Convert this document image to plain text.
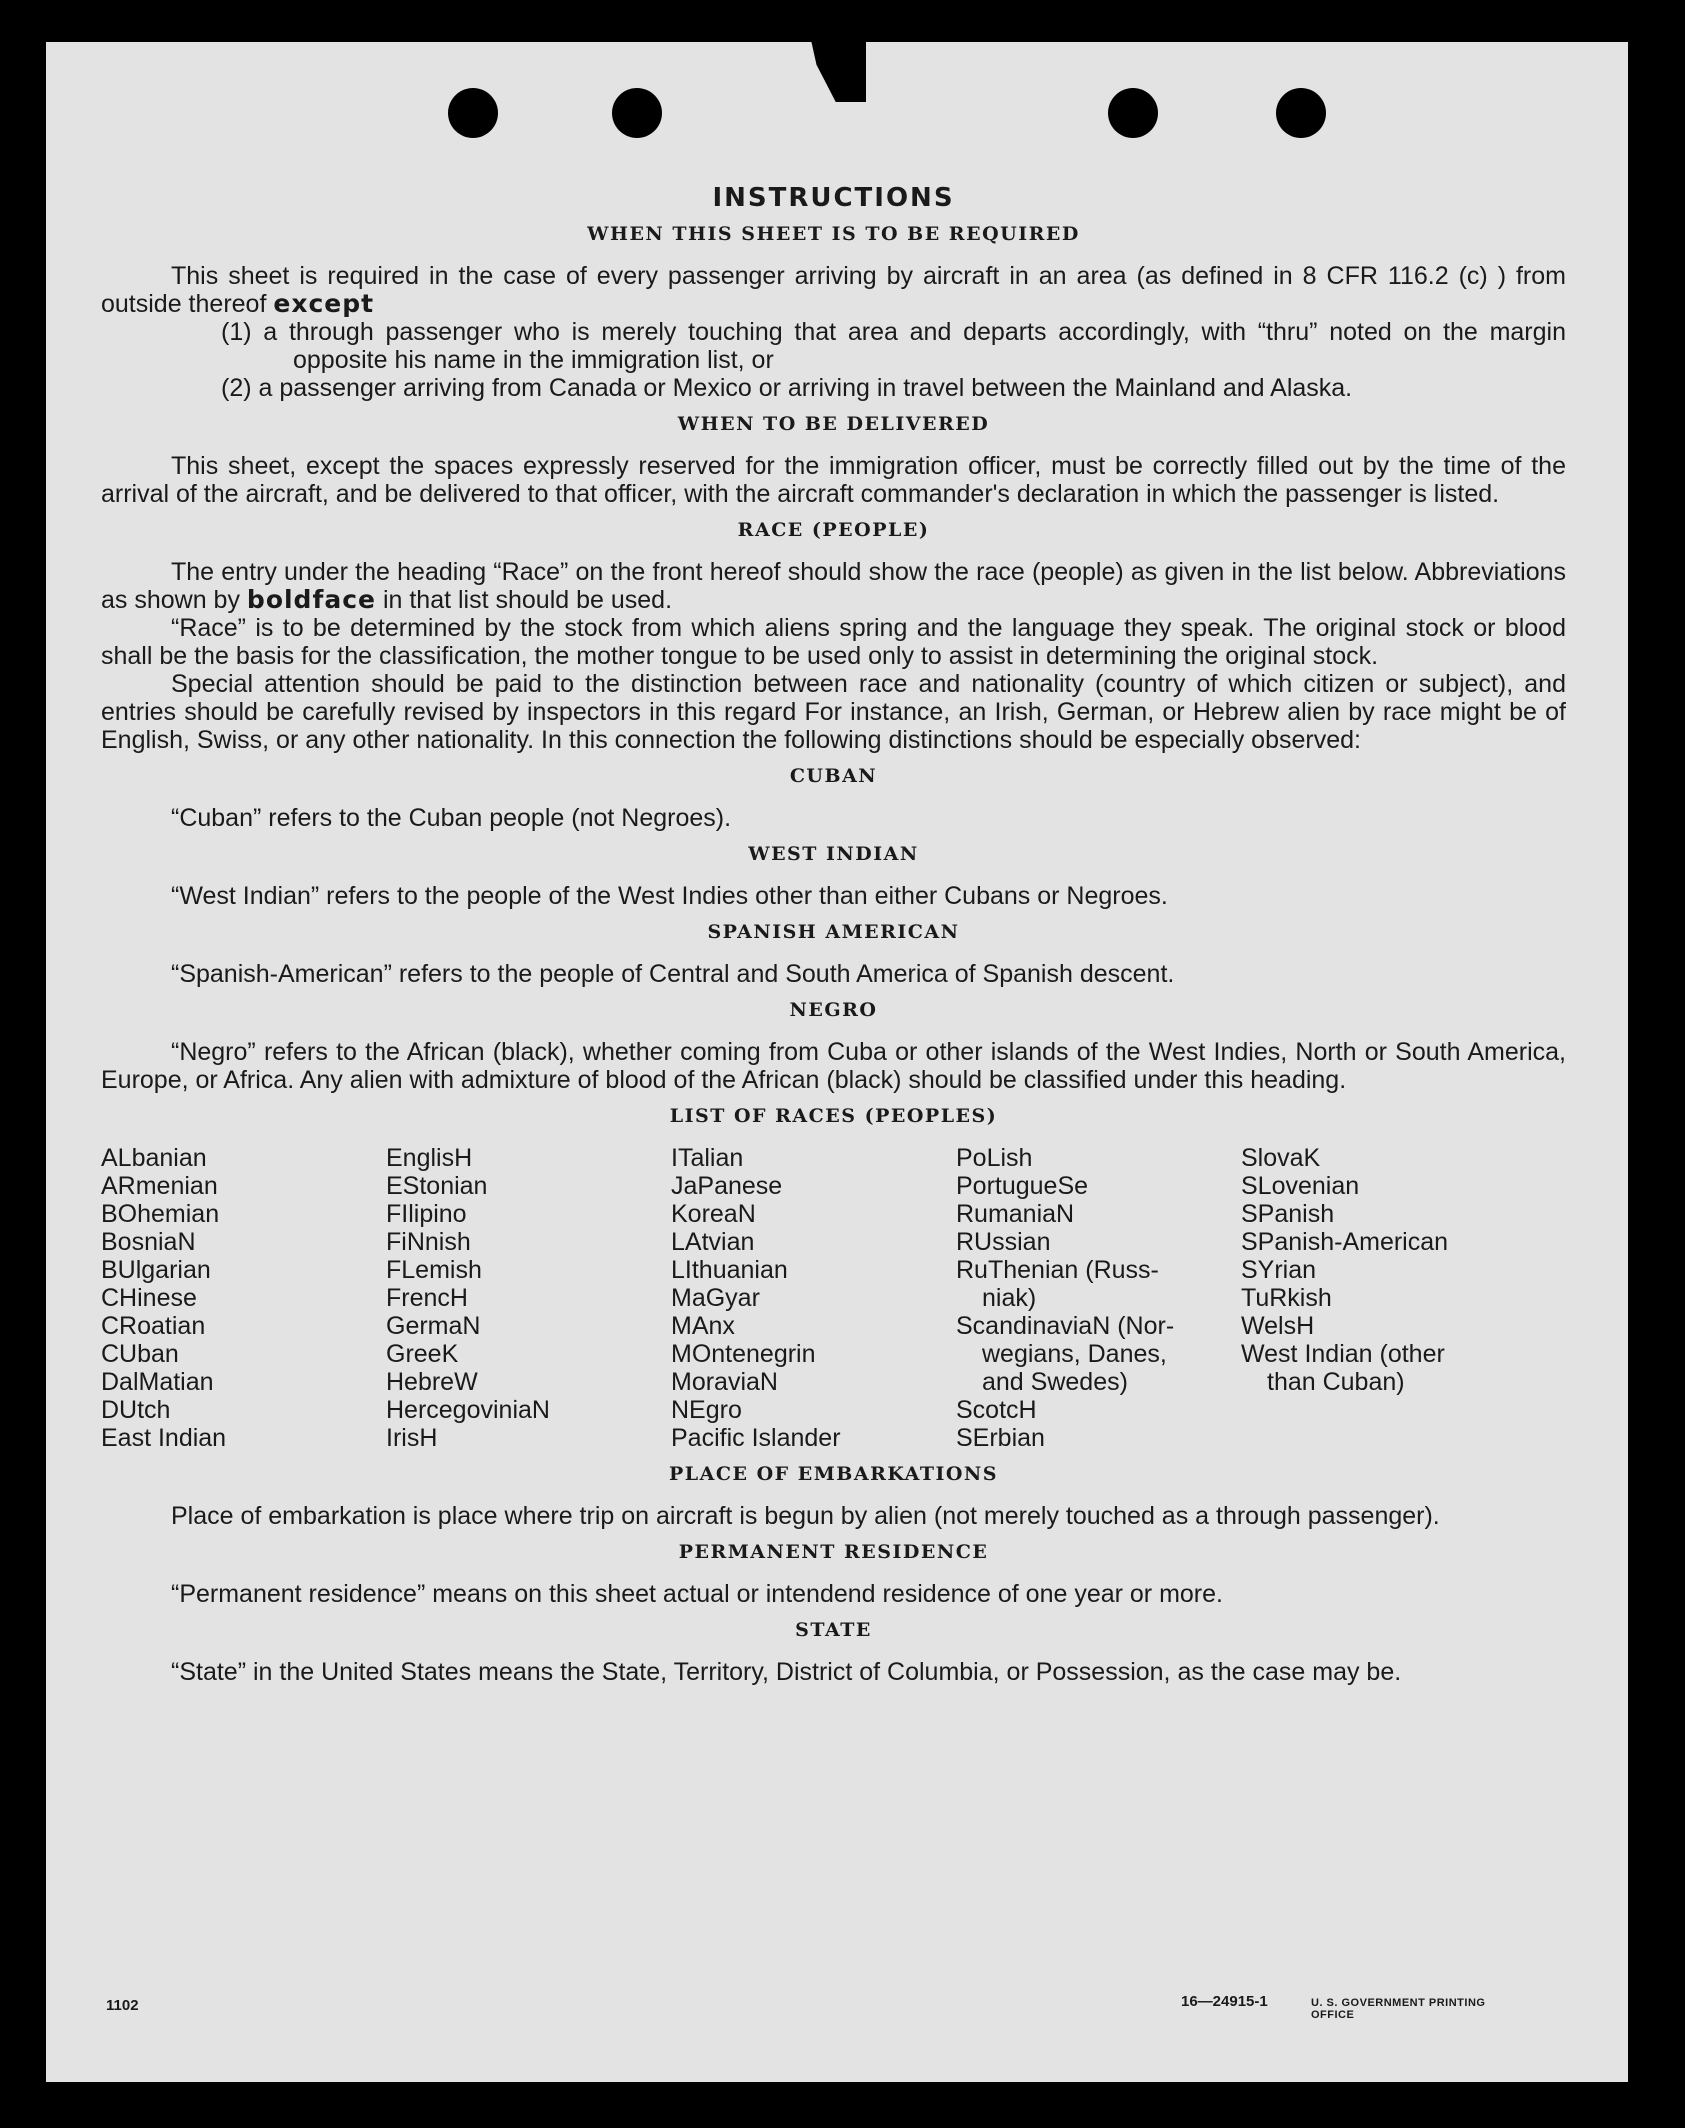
INSTRUCTIONS
WHEN THIS SHEET IS TO BE REQUIRED

This sheet is required in the case of every passenger arriving by aircraft in an area (as defined in 8 CFR 116.2 (c) ) from outside thereof except

(1) a through passenger who is merely touching that area and departs accordingly, with “thru” noted on the margin opposite his name in the immigration list, or

(2) a passenger arriving from Canada or Mexico or arriving in travel between the Mainland and Alaska.

WHEN TO BE DELIVERED

This sheet, except the spaces expressly reserved for the immigration officer, must be correctly filled out by the time of the arrival of the aircraft, and be delivered to that officer, with the aircraft commander's declaration in which the passenger is listed.

RACE (PEOPLE)

The entry under the heading “Race” on the front hereof should show the race (people) as given in the list below. Abbreviations as shown by boldface in that list should be used.

“Race” is to be determined by the stock from which aliens spring and the language they speak. The original stock or blood shall be the basis for the classification, the mother tongue to be used only to assist in determining the original stock.

Special attention should be paid to the distinction between race and nationality (country of which citizen or subject), and entries should be carefully revised by inspectors in this regard For instance, an Irish, German, or Hebrew alien by race might be of English, Swiss, or any other nationality. In this connection the following distinctions should be especially observed:

CUBAN

“Cuban” refers to the Cuban people (not Negroes).

WEST INDIAN

“West Indian” refers to the people of the West Indies other than either Cubans or Negroes.

SPANISH AMERICAN

“Spanish-American” refers to the people of Central and South America of Spanish descent.

NEGRO

“Negro” refers to the African (black), whether coming from Cuba or other islands of the West Indies, North or South America, Europe, or Africa. Any alien with admixture of blood of the African (black) should be classified under this heading.

LIST OF RACES (PEOPLES)
ALbanian
ARmenian
BOhemian
BosniaN
BUlgarian
CHinese
CRoatian
CUban
DalMatian
DUtch
East Indian
EnglisH
EStonian
FIlipino
FiNnish
FLemish
FrencH
GermaN
GreeK
HebreW
HercegovinіaN
IrisH
ITalian
JaPanese
KoreaN
LAtvian
LIthuanian
MaGyar
MAnx
MOntenegrin
MoraviaN
NEgro
Pacific Islander
PoLish
PortugueSe
RumaniaN
RUssian
RuThenian (Russ-
niak)
ScandinaviaN (Nor-
wegians, Danes,
and Swedes)
ScotcH
SErbian
SlovaK
SLovenian
SPanish
SPanish-American
SYrian
TuRkish
WelsH
West Indian (other
than Cuban)
PLACE OF EMBARKATIONS

Place of embarkation is place where trip on aircraft is begun by alien (not merely touched as a through passenger).

PERMANENT RESIDENCE

“Permanent residence” means on this sheet actual or intendend residence of one year or more.

STATE

“State” in the United States means the State, Territory, District of Columbia, or Possession, as the case may be.

1102	16—24915-1	U. S. GOVERNMENT PRINTING OFFICE
